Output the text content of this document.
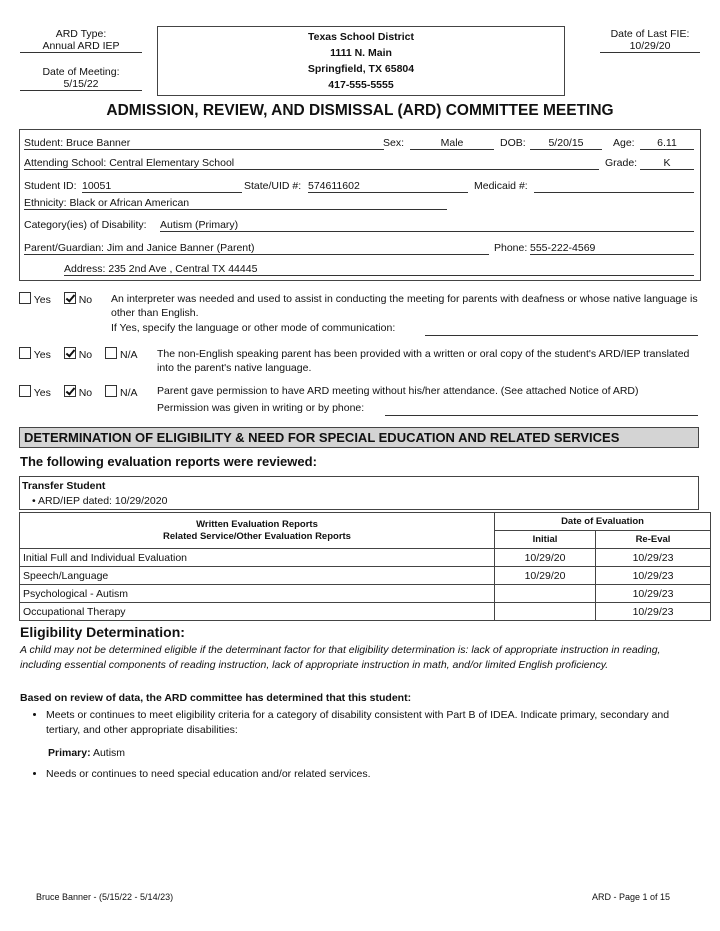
ARD Type:
Annual ARD IEP
Date of Meeting:
5/15/22
Texas School District
1111 N. Main
Springfield, TX 65804
417-555-5555
Date of Last FIE:
10/29/20
ADMISSION, REVIEW, AND DISMISSAL (ARD) COMMITTEE MEETING
Student: Bruce Banner	Sex:	Male	DOB:	5/20/15	Age:	6.11
Attending School: Central Elementary School	Grade:	K
Student ID: 10051	State/UID #: 574611602	Medicaid #:
Ethnicity: Black or African American
Category(ies) of Disability: Autism (Primary)
Parent/Guardian: Jim and Janice Banner (Parent)	Phone: 555-222-4569
Address: 235 2nd Ave , Central TX 44445
Yes	No An interpreter was needed and used to assist in conducting the meeting for parents with deafness or whose native language is other than English.
If Yes, specify the language or other mode of communication:
Yes	No	N/A The non-English speaking parent has been provided with a written or oral copy of the student's ARD/IEP translated into the parent's native language.
Yes	No	N/A Parent gave permission to have ARD meeting without his/her attendance. (See attached Notice of ARD)
Permission was given in writing or by phone:
DETERMINATION OF ELIGIBILITY & NEED FOR SPECIAL EDUCATION AND RELATED SERVICES
The following evaluation reports were reviewed:
Transfer Student
• ARD/IEP dated: 10/29/2020
Written Evaluation Reports
Related Service/Other Evaluation Reports	Date of Evaluation	
	Initial	Re-Eval
Initial Full and Individual Evaluation	10/29/20	10/29/23
Speech/Language	10/29/20	10/29/23
Psychological - Autism		10/29/23
Occupational Therapy		10/29/23
Eligibility Determination:
A child may not be determined eligible if the determinant factor for that eligibility determination is: lack of appropriate instruction in reading, including essential components of reading instruction, lack of appropriate instruction in math, and/or limited English proficiency.
Based on review of data, the ARD committee has determined that this student:
• Meets or continues to meet eligibility criteria for a category of disability consistent with Part B of IDEA. Indicate primary, secondary and tertiary, and other appropriate disabilities:
Primary: Autism
• Needs or continues to need special education and/or related services.
Bruce Banner - (5/15/22 - 5/14/23)	ARD - Page 1 of 15
